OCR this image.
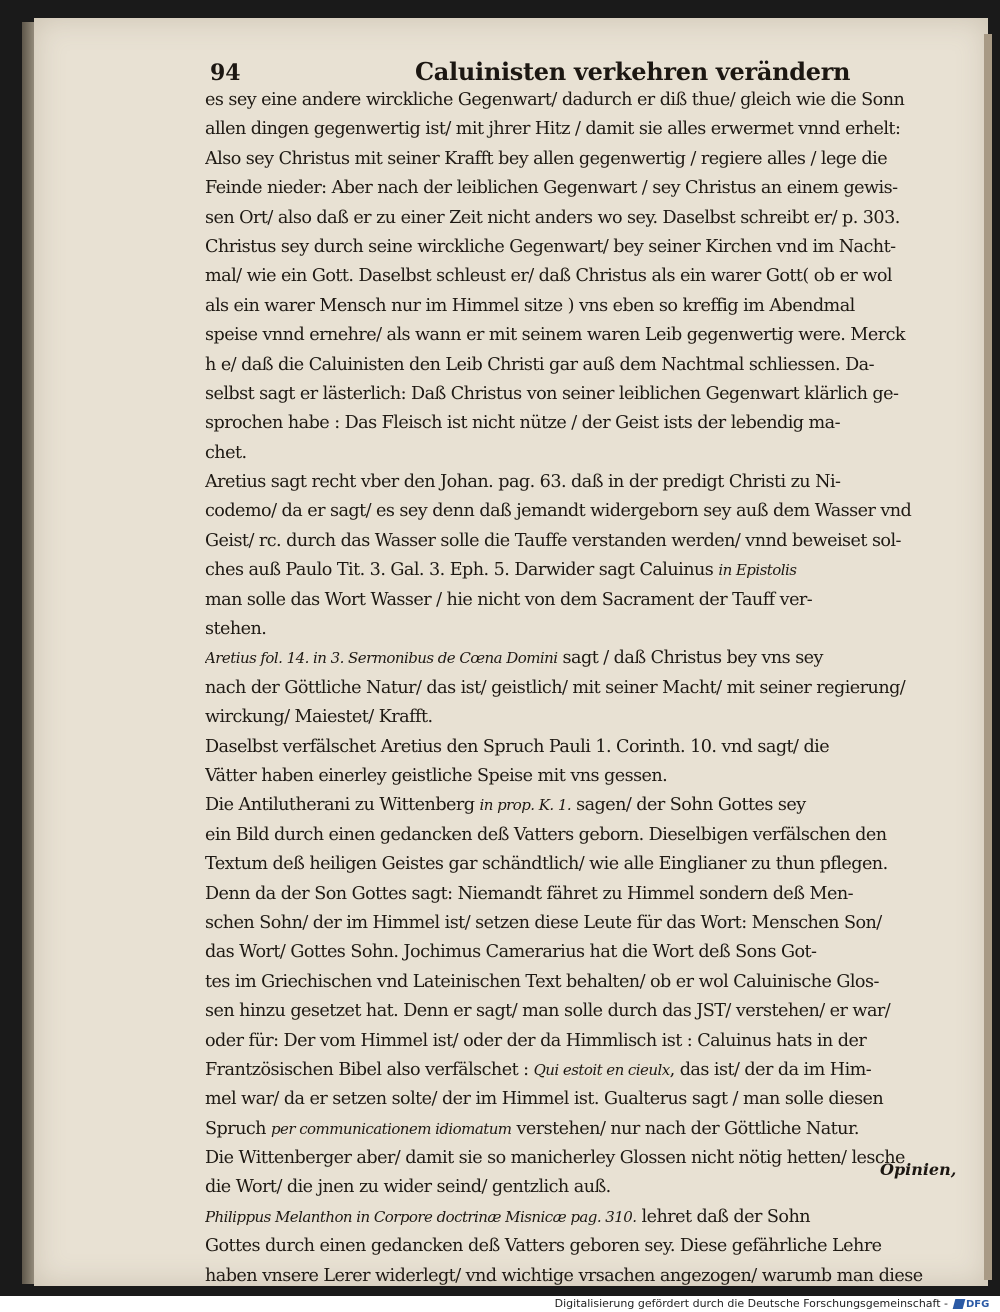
94	Caluinisten verkehren verändern
es sey eine andere wirckliche Gegenwart/ dadurch er diß thue/ gleich wie die Sonn
allen dingen gegenwertig ist/ mit jhrer Hitz / damit sie alles erwermet vnnd erhelt:
Also sey Christus mit seiner Krafft bey allen gegenwertig / regiere alles / lege die
Feinde nieder: Aber nach der leiblichen Gegenwart / sey Christus an einem gewis-
sen Ort/ also daß er zu einer Zeit nicht anders wo sey. Daselbst schreibt er/ p. 303.
Christus sey durch seine wirckliche Gegenwart/ bey seiner Kirchen vnd im Nacht-
mal/ wie ein Gott. Daselbst schleust er/ daß Christus als ein warer Gott( ob er wol
als ein warer Mensch nur im Himmel sitze ) vns eben so kreffig im Abendmal
speise vnnd ernehre/ als wann er mit seinem waren Leib gegenwertig were. Merck
h e/ daß die Caluinisten den Leib Christi gar auß dem Nachtmal schliessen. Da-
selbst sagt er lästerlich: Daß Christus von seiner leiblichen Gegenwart klärlich ge-
sprochen habe : Das Fleisch ist nicht nütze / der Geist ists der lebendig ma-
chet.
Aretius sagt recht vber den Johan. pag. 63. daß in der predigt Christi zu Ni-
codemo/ da er sagt/ es sey denn daß jemandt widergeborn sey auß dem Wasser vnd
Geist/ rc. durch das Wasser solle die Tauffe verstanden werden/ vnnd beweiset sol-
ches auß Paulo Tit. 3. Gal. 3. Eph. 5. Darwider sagt Caluinus in Epistolis
man solle das Wort Wasser / hie nicht von dem Sacrament der Tauff ver-
stehen.
Aretius fol. 14. in 3. Sermonibus de Cœna Domini sagt / daß Christus bey vns sey
nach der Göttliche Natur/ das ist/ geistlich/ mit seiner Macht/ mit seiner regierung/
wirckung/ Maiestet/ Krafft.
Daselbst verfälschet Aretius den Spruch Pauli 1. Corinth. 10. vnd sagt/ die
Vätter haben einerley geistliche Speise mit vns gessen.
Die Antilutherani zu Wittenberg in prop. K. 1. sagen/ der Sohn Gottes sey
ein Bild durch einen gedancken deß Vatters geborn. Dieselbigen verfälschen den
Textum deß heiligen Geistes gar schändtlich/ wie alle Einglianer zu thun pflegen.
Denn da der Son Gottes sagt: Niemandt fähret zu Himmel sondern deß Men-
schen Sohn/ der im Himmel ist/ setzen diese Leute für das Wort: Menschen Son/
das Wort/ Gottes Sohn. Jochimus Camerarius hat die Wort deß Sons Got-
tes im Griechischen vnd Lateinischen Text behalten/ ob er wol Caluinische Glos-
sen hinzu gesetzet hat. Denn er sagt/ man solle durch das JST/ verstehen/ er war/
oder für: Der vom Himmel ist/ oder der da Himmlisch ist : Caluinus hats in der
Frantzösischen Bibel also verfälschet : Qui estoit en cieulx, das ist/ der da im Him-
mel war/ da er setzen solte/ der im Himmel ist. Gualterus sagt / man solle diesen
Spruch per communicationem idiomatum verstehen/ nur nach der Göttliche Natur.
Die Wittenberger aber/ damit sie so manicherley Glossen nicht nötig hetten/ lesche
die Wort/ die jnen zu wider seind/ gentzlich auß.
Philippus Melanthon in Corpore doctrinæ Misnicæ pag. 310. lehret daß der Sohn
Gottes durch einen gedancken deß Vatters geboren sey. Diese gefährliche Lehre
haben vnsere Lerer widerlegt/ vnd wichtige vrsachen angezogen/ warumb man diese
Opinien,
Digitalisierung gefördert durch die Deutsche Forschungsgemeinschaft - DFG
